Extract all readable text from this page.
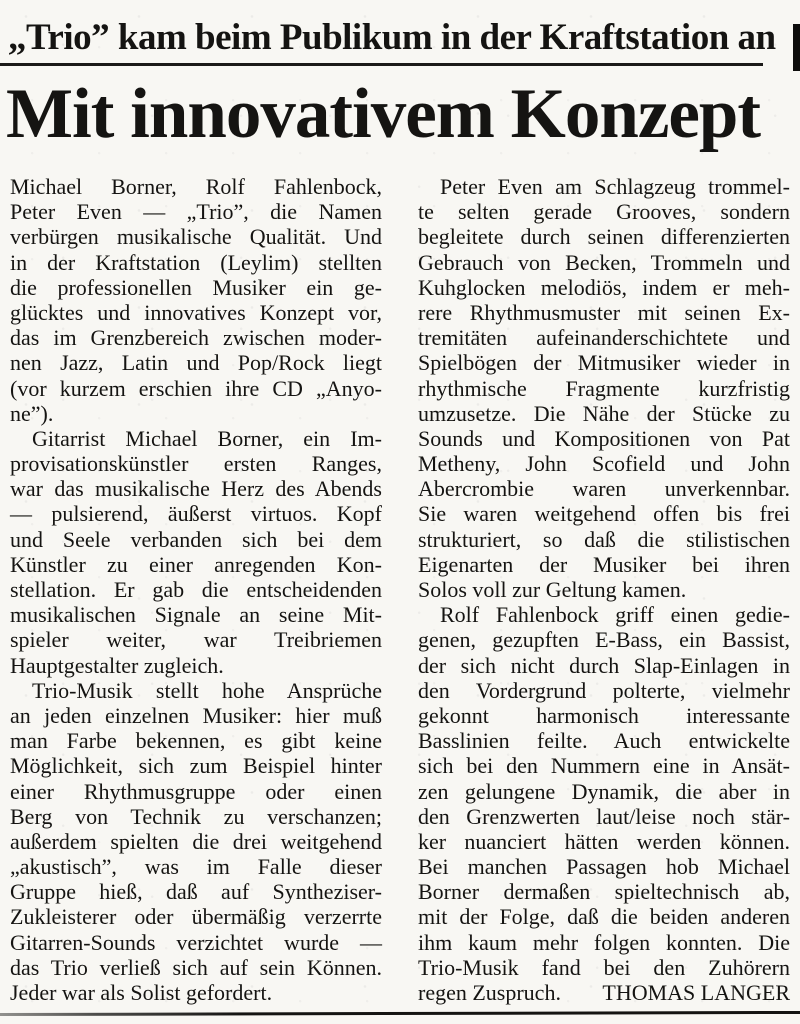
„Trio” kam beim Publikum in der Kraftstation an
Mit innovativem Konzept
Michael Borner, Rolf Fahlenbock,
Peter Even — „Trio”, die Namen
verbürgen musikalische Qualität. Und
in der Kraftstation (Leylim) stellten
die professionellen Musiker ein ge-
glücktes und innovatives Konzept vor,
das im Grenzbereich zwischen moder-
nen Jazz, Latin und Pop/Rock liegt
(vor kurzem erschien ihre CD „Anyo-
ne”).
Gitarrist Michael Borner, ein Im-
provisationskünstler ersten Ranges,
war das musikalische Herz des Abends
— pulsierend, äußerst virtuos. Kopf
und Seele verbanden sich bei dem
Künstler zu einer anregenden Kon-
stellation. Er gab die entscheidenden
musikalischen Signale an seine Mit-
spieler weiter, war Treibriemen
Hauptgestalter zugleich.
Trio-Musik stellt hohe Ansprüche
an jeden einzelnen Musiker: hier muß
man Farbe bekennen, es gibt keine
Möglichkeit, sich zum Beispiel hinter
einer Rhythmusgruppe oder einen
Berg von Technik zu verschanzen;
außerdem spielten die drei weitgehend
„akustisch”, was im Falle dieser
Gruppe hieß, daß auf Syntheziser-
Zukleisterer oder übermäßig verzerrte
Gitarren-Sounds verzichtet wurde —
das Trio verließ sich auf sein Können.
Jeder war als Solist gefordert.
Peter Even am Schlagzeug trommel-
te selten gerade Grooves, sondern
begleitete durch seinen differenzierten
Gebrauch von Becken, Trommeln und
Kuhglocken melodiös, indem er meh-
rere Rhythmusmuster mit seinen Ex-
tremitäten aufeinanderschichtete und
Spielbögen der Mitmusiker wieder in
rhythmische Fragmente kurzfristig
umzusetze. Die Nähe der Stücke zu
Sounds und Kompositionen von Pat
Metheny, John Scofield und John
Abercrombie waren unverkennbar.
Sie waren weitgehend offen bis frei
strukturiert, so daß die stilistischen
Eigenarten der Musiker bei ihren
Solos voll zur Geltung kamen.
Rolf Fahlenbock griff einen gedie-
genen, gezupften E-Bass, ein Bassist,
der sich nicht durch Slap-Einlagen in
den Vordergrund polterte, vielmehr
gekonnt harmonisch interessante
Basslinien feilte. Auch entwickelte
sich bei den Nummern eine in Ansät-
zen gelungene Dynamik, die aber in
den Grenzwerten laut/leise noch stär-
ker nuanciert hätten werden können.
Bei manchen Passagen hob Michael
Borner dermaßen spieltechnisch ab,
mit der Folge, daß die beiden anderen
ihm kaum mehr folgen konnten. Die
Trio-Musik fand bei den Zuhörern
regen Zuspruch. THOMAS LANGER
